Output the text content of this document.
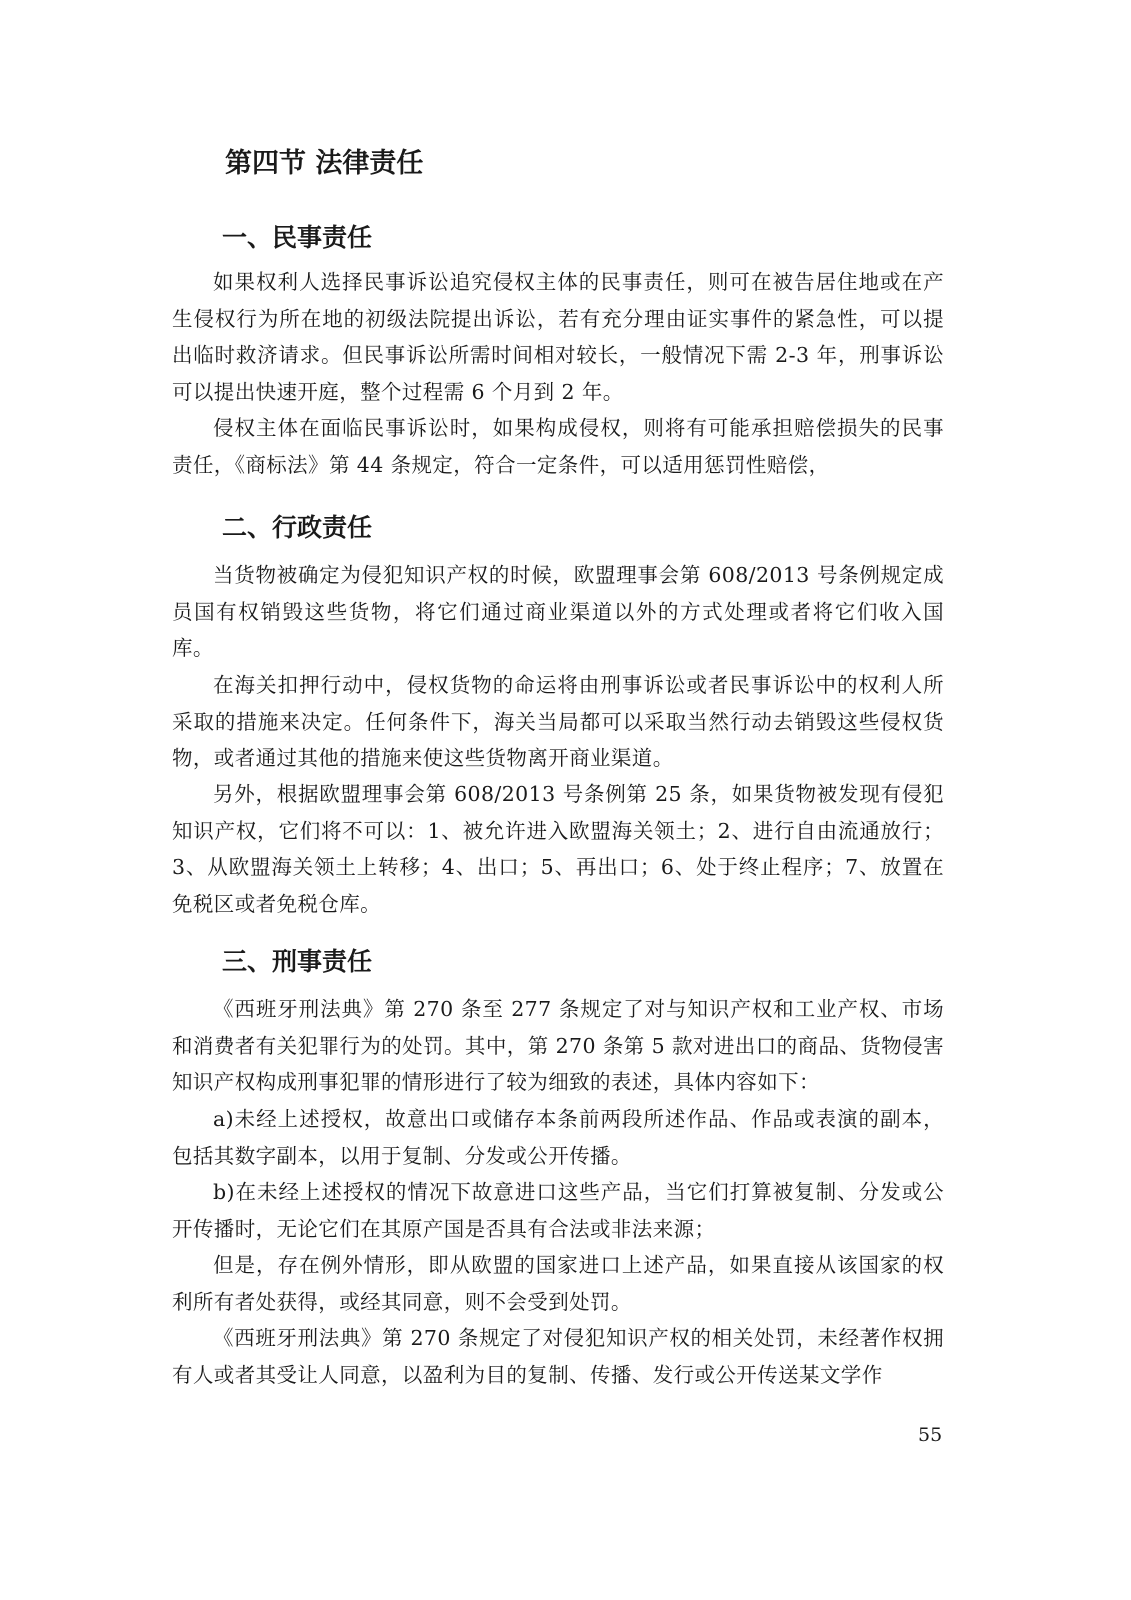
第四节 法律责任
一、民事责任

如果权利人选择民事诉讼追究侵权主体的民事责任，则可在被告居住地或在产生侵权行为所在地的初级法院提出诉讼，若有充分理由证实事件的紧急性，可以提出临时救济请求。但民事诉讼所需时间相对较长，一般情况下需 2-3 年，刑事诉讼可以提出快速开庭，整个过程需 6 个月到 2 年。

侵权主体在面临民事诉讼时，如果构成侵权，则将有可能承担赔偿损失的民事责任，《商标法》第 44 条规定，符合一定条件，可以适用惩罚性赔偿，

二、行政责任

当货物被确定为侵犯知识产权的时候，欧盟理事会第 608/2013 号条例规定成员国有权销毁这些货物，将它们通过商业渠道以外的方式处理或者将它们收入国库。

在海关扣押行动中，侵权货物的命运将由刑事诉讼或者民事诉讼中的权利人所采取的措施来决定。任何条件下，海关当局都可以采取当然行动去销毁这些侵权货物，或者通过其他的措施来使这些货物离开商业渠道。

另外，根据欧盟理事会第 608/2013 号条例第 25 条，如果货物被发现有侵犯知识产权，它们将不可以：1、被允许进入欧盟海关领土；2、进行自由流通放行；3、从欧盟海关领土上转移；4、出口；5、再出口；6、处于终止程序；7、放置在免税区或者免税仓库。

三、刑事责任

《西班牙刑法典》第 270 条至 277 条规定了对与知识产权和工业产权、市场和消费者有关犯罪行为的处罚。其中，第 270 条第 5 款对进出口的商品、货物侵害知识产权构成刑事犯罪的情形进行了较为细致的表述，具体内容如下：

a)未经上述授权，故意出口或储存本条前两段所述作品、作品或表演的副本，包括其数字副本，以用于复制、分发或公开传播。

b)在未经上述授权的情况下故意进口这些产品，当它们打算被复制、分发或公开传播时，无论它们在其原产国是否具有合法或非法来源；

但是，存在例外情形，即从欧盟的国家进口上述产品，如果直接从该国家的权利所有者处获得，或经其同意，则不会受到处罚。

《西班牙刑法典》第 270 条规定了对侵犯知识产权的相关处罚，未经著作权拥有人或者其受让人同意，以盈利为目的复制、传播、发行或公开传送某文学作

55
